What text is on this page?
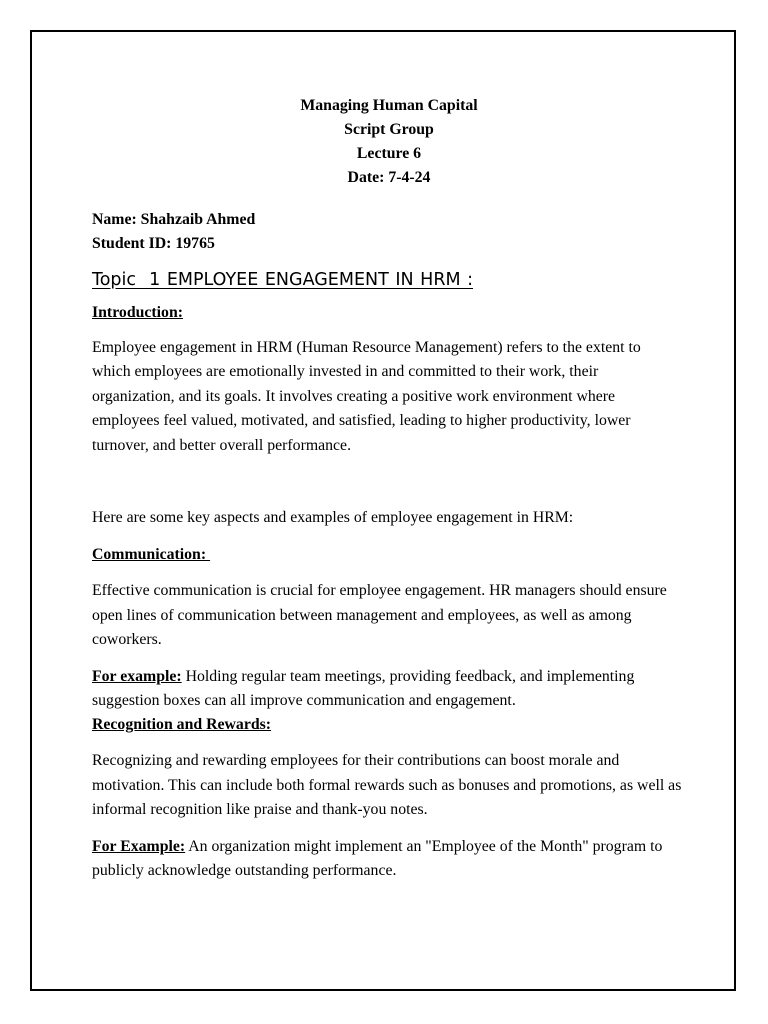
Managing Human Capital
Script Group
Lecture 6
Date: 7-4-24
Name: Shahzaib Ahmed
Student ID: 19765
Topic  1 EMPLOYEE ENGAGEMENT IN HRM :
Introduction:
Employee engagement in HRM (Human Resource Management) refers to the extent to which employees are emotionally invested in and committed to their work, their organization, and its goals. It involves creating a positive work environment where employees feel valued, motivated, and satisfied, leading to higher productivity, lower turnover, and better overall performance.
Here are some key aspects and examples of employee engagement in HRM:
Communication:
Effective communication is crucial for employee engagement. HR managers should ensure open lines of communication between management and employees, as well as among coworkers.
For example: Holding regular team meetings, providing feedback, and implementing suggestion boxes can all improve communication and engagement.
Recognition and Rewards:
Recognizing and rewarding employees for their contributions can boost morale and motivation. This can include both formal rewards such as bonuses and promotions, as well as informal recognition like praise and thank-you notes.
For Example: An organization might implement an "Employee of the Month" program to publicly acknowledge outstanding performance.
